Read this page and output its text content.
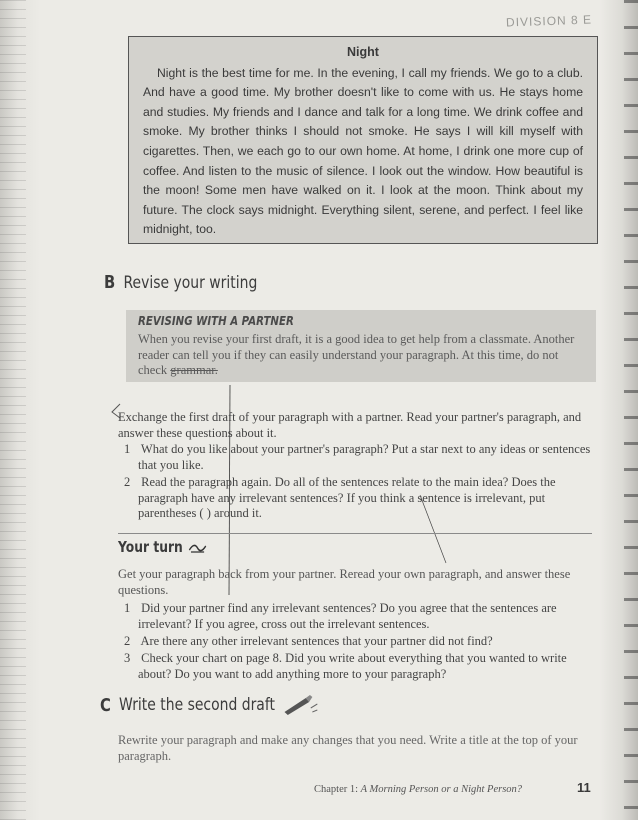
DIVISION 8 E
Night
Night is the best time for me. In the evening, I call my friends. We go to a club. And have a good time. My brother doesn't like to come with us. He stays home and studies. My friends and I dance and talk for a long time. We drink coffee and smoke. My brother thinks I should not smoke. He says I will kill myself with cigarettes. Then, we each go to our own home. At home, I drink one more cup of coffee. And listen to the music of silence. I look out the window. How beautiful is the moon! Some men have walked on it. I look at the moon. Think about my future. The clock says midnight. Everything silent, serene, and perfect. I feel like midnight, too.
B Revise your writing
REVISING WITH A PARTNER
When you revise your first draft, it is a good idea to get help from a classmate. Another reader can tell you if they can easily understand your paragraph. At this time, do not check grammar.
Exchange the first draft of your paragraph with a partner. Read your partner's paragraph, and answer these questions about it.
1 What do you like about your partner's paragraph? Put a star next to any ideas or sentences that you like.
2 Read the paragraph again. Do all of the sentences relate to the main idea? Does the paragraph have any irrelevant sentences? If you think a sentence is irrelevant, put parentheses ( ) around it.
Your turn
Get your paragraph back from your partner. Reread your own paragraph, and answer these questions.
1 Did your partner find any irrelevant sentences? Do you agree that the sentences are irrelevant? If you agree, cross out the irrelevant sentences.
2 Are there any other irrelevant sentences that your partner did not find?
3 Check your chart on page 8. Did you write about everything that you wanted to write about? Do you want to add anything more to your paragraph?
C Write the second draft
Rewrite your paragraph and make any changes that you need. Write a title at the top of your paragraph.
Chapter 1: A Morning Person or a Night Person?	11
